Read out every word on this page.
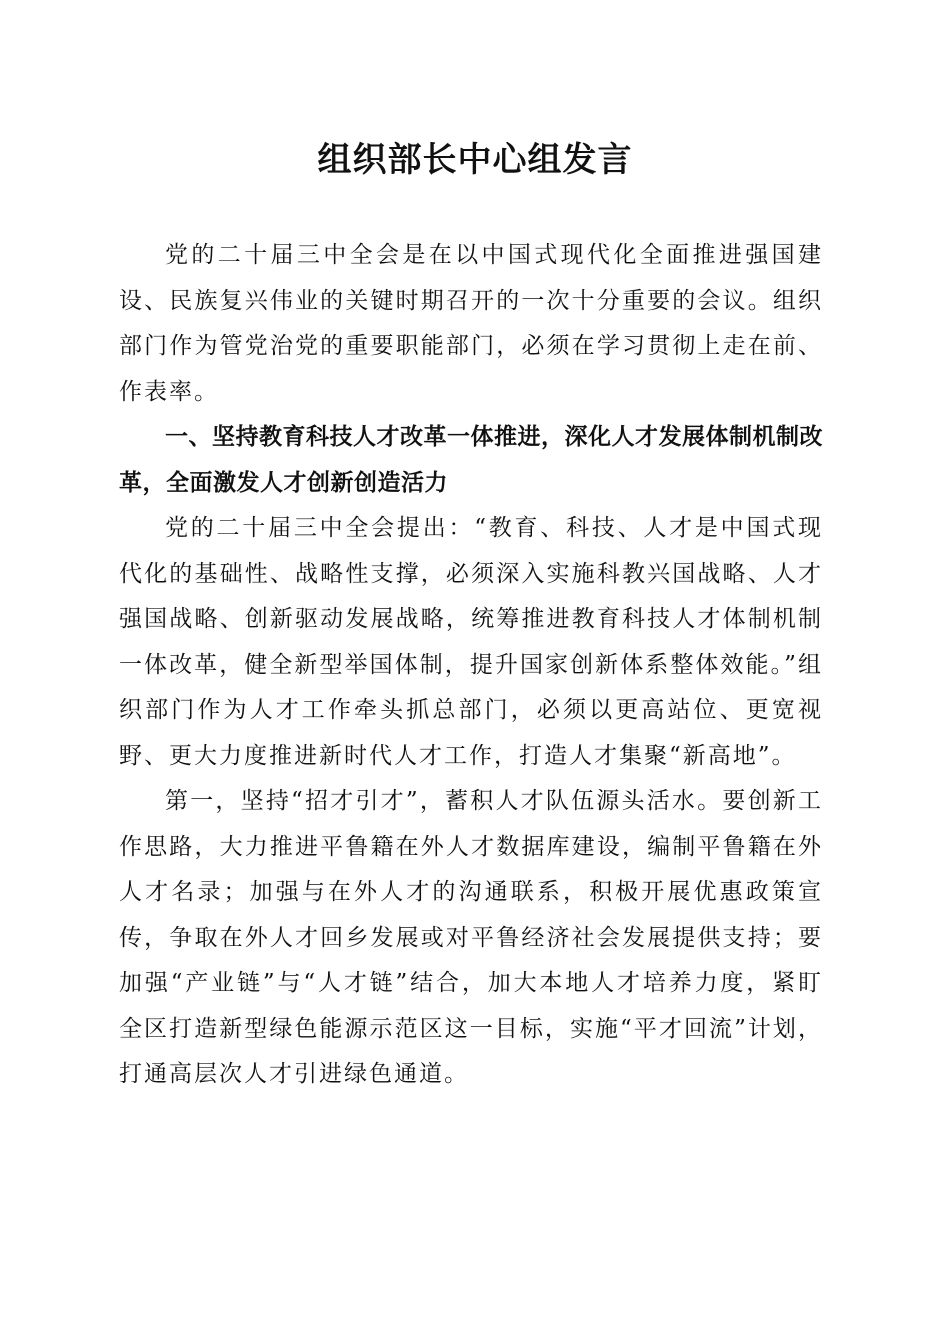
组织部长中心组发言

党的二十届三中全会是在以中国式现代化全面推进强国建设、民族复兴伟业的关键时期召开的一次十分重要的会议。组织部门作为管党治党的重要职能部门，必须在学习贯彻上走在前、作表率。

一、坚持教育科技人才改革一体推进，深化人才发展体制机制改革，全面激发人才创新创造活力

党的二十届三中全会提出：“教育、科技、人才是中国式现代化的基础性、战略性支撑，必须深入实施科教兴国战略、人才强国战略、创新驱动发展战略，统筹推进教育科技人才体制机制一体改革，健全新型举国体制，提升国家创新体系整体效能。”组织部门作为人才工作牵头抓总部门，必须以更高站位、更宽视野、更大力度推进新时代人才工作，打造人才集聚“新高地”。

第一，坚持“招才引才”，蓄积人才队伍源头活水。要创新工作思路，大力推进平鲁籍在外人才数据库建设，编制平鲁籍在外人才名录；加强与在外人才的沟通联系，积极开展优惠政策宣传，争取在外人才回乡发展或对平鲁经济社会发展提供支持；要加强“产业链”与“人才链”结合，加大本地人才培养力度，紧盯全区打造新型绿色能源示范区这一目标，实施“平才回流”计划，打通高层次人才引进绿色通道。
